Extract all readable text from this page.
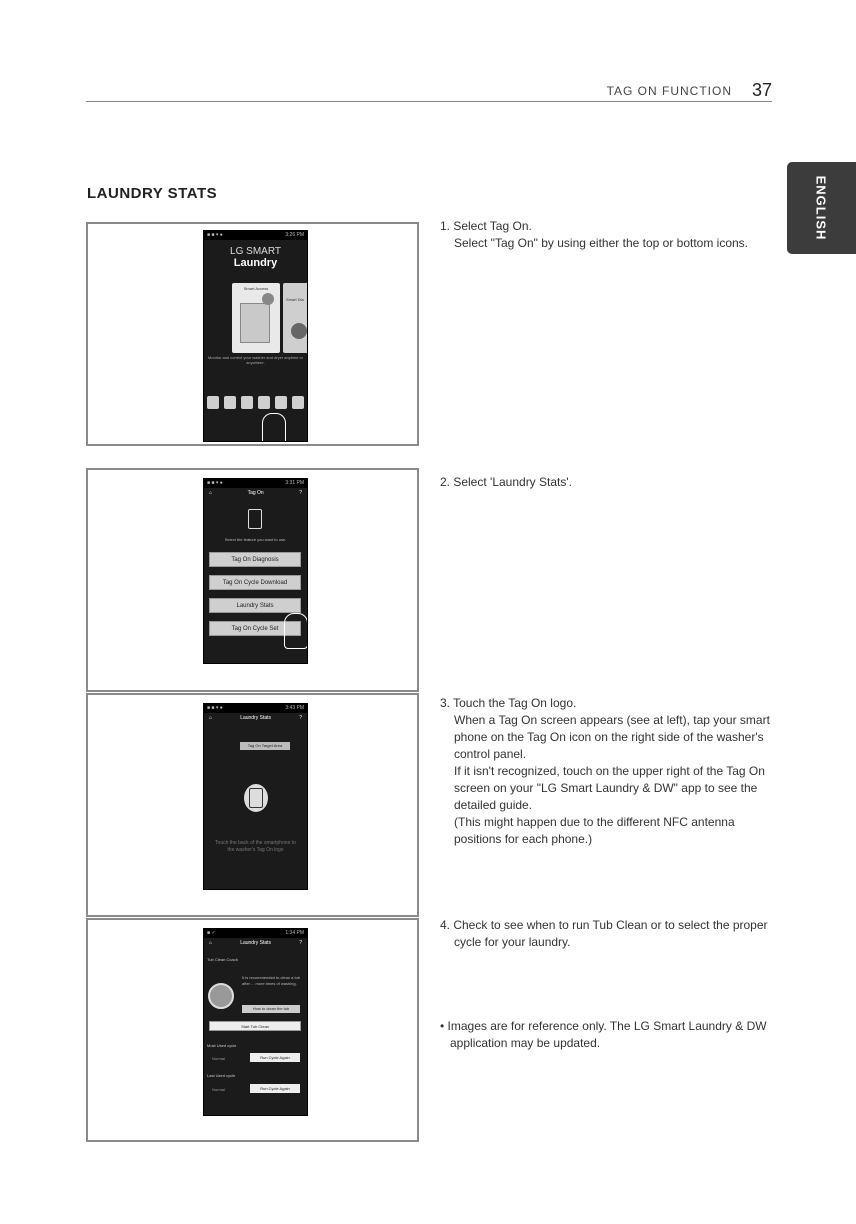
TAG ON FUNCTION 37
ENGLISH
LAUNDRY STATS
■ ■ ▾ ●	3:26 PM
LG SMART
Laundry
Smart Access
Smart Dia
Monitor and control your washer and dryer anytime or anywhere.
■ ■ ▾ ●	3:31 PM
⌂	Tag On	?
Select the feature you want to use.
Tag On Diagnosis
Tag On Cycle Download
Laundry Stats
Tag On Cycle Set
■ ■ ▾ ●	3:43 PM
⌂	Laundry Stats	?
Tag On Target Area
Touch the back of the smartphone to the washer's Tag On logo
■ ✓	1:34 PM
⌂	Laundry Stats	?
Tub Clean Coach
It is recommended to clean a tub after ... more times of washing.
How to clean the tub
Start Tub Clean
Most Used cycle
Normal	Run Cycle Again
Last Used cycle
Normal	Run Cycle Again

1. Select Tag On.

Select "Tag On" by using either the top or bottom icons.

2. Select 'Laundry Stats'.

3. Touch the Tag On logo.

When a Tag On screen appears (see at left), tap your smart phone on the Tag On icon on the right side of the washer's control panel.

If it isn't recognized, touch on the upper right of the Tag On screen on your "LG Smart Laundry & DW" app to see the detailed guide.

(This might happen due to the different NFC antenna positions for each phone.)

4. Check to see when to run Tub Clean or to select the proper cycle for your laundry.

• Images are for reference only. The LG Smart Laundry & DW application may be updated.
